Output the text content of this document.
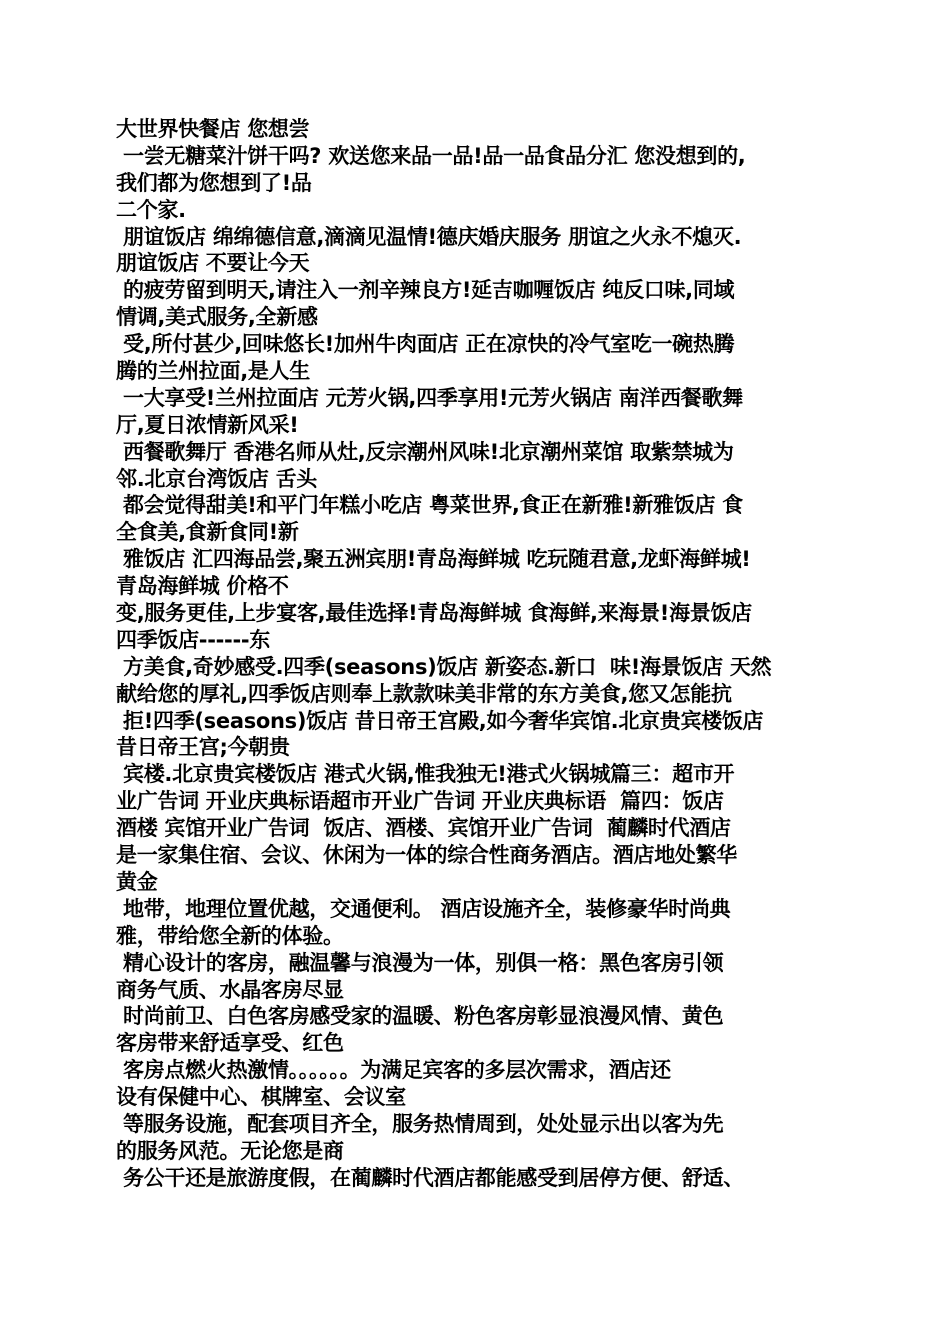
大世界快餐店 您想尝
一尝无糖菜汁饼干吗? 欢送您来品一品!品一品食品分汇 您没想到的,
我们都为您想到了!品
二个家.
朋谊饭店 绵绵德信意,滴滴见温情!德庆婚庆服务 朋谊之火永不熄灭.
朋谊饭店 不要让今天
的疲劳留到明天,请注入一剂辛辣良方!延吉咖喱饭店 纯反口味,同域
情调,美式服务,全新感
受,所付甚少,回味悠长!加州牛肉面店 正在凉快的冷气室吃一碗热腾
腾的兰州拉面,是人生
一大享受!兰州拉面店 元芳火锅,四季享用!元芳火锅店 南洋西餐歌舞
厅,夏日浓情新风采!
西餐歌舞厅 香港名师从灶,反宗潮州风味!北京潮州菜馆 取紫禁城为
邻.北京台湾饭店 舌头
都会觉得甜美!和平门年糕小吃店 粤菜世界,食正在新雅!新雅饭店 食
全食美,食新食同!新
雅饭店 汇四海品尝,聚五洲宾朋!青岛海鲜城 吃玩随君意,龙虾海鲜城!
青岛海鲜城 价格不
变,服务更佳,上步宴客,最佳选择!青岛海鲜城 食海鲜,来海景!海景饭店
四季饭店------东
方美食,奇妙感受.四季(seasons)饭店 新姿态.新口  味!海景饭店 天然
献给您的厚礼,四季饭店则奉上款款味美非常的东方美食,您又怎能抗
拒!四季(seasons)饭店 昔日帝王宫殿,如今奢华宾馆.北京贵宾楼饭店
昔日帝王宫;今朝贵
宾楼.北京贵宾楼饭店 港式火锅,惟我独无!港式火锅城篇三：超市开
业广告词 开业庆典标语超市开业广告词 开业庆典标语  篇四：饭店
酒楼 宾馆开业广告词  饭店、酒楼、宾馆开业广告词  蔺麟时代酒店
是一家集住宿、会议、休闲为一体的综合性商务酒店。酒店地处繁华
黄金
地带，地理位置优越，交通便利。 酒店设施齐全，装修豪华时尚典
雅，带给您全新的体验。
精心设计的客房，融温馨与浪漫为一体，别俱一格：黑色客房引领
商务气质、水晶客房尽显
时尚前卫、白色客房感受家的温暖、粉色客房彰显浪漫风情、黄色
客房带来舒适享受、红色
客房点燃火热激情。。。。。。为满足宾客的多层次需求，酒店还
设有保健中心、棋牌室、会议室
等服务设施，配套项目齐全，服务热情周到，处处显示出以客为先
的服务风范。无论您是商
务公干还是旅游度假，在蔺麟时代酒店都能感受到居停方便、舒适、
